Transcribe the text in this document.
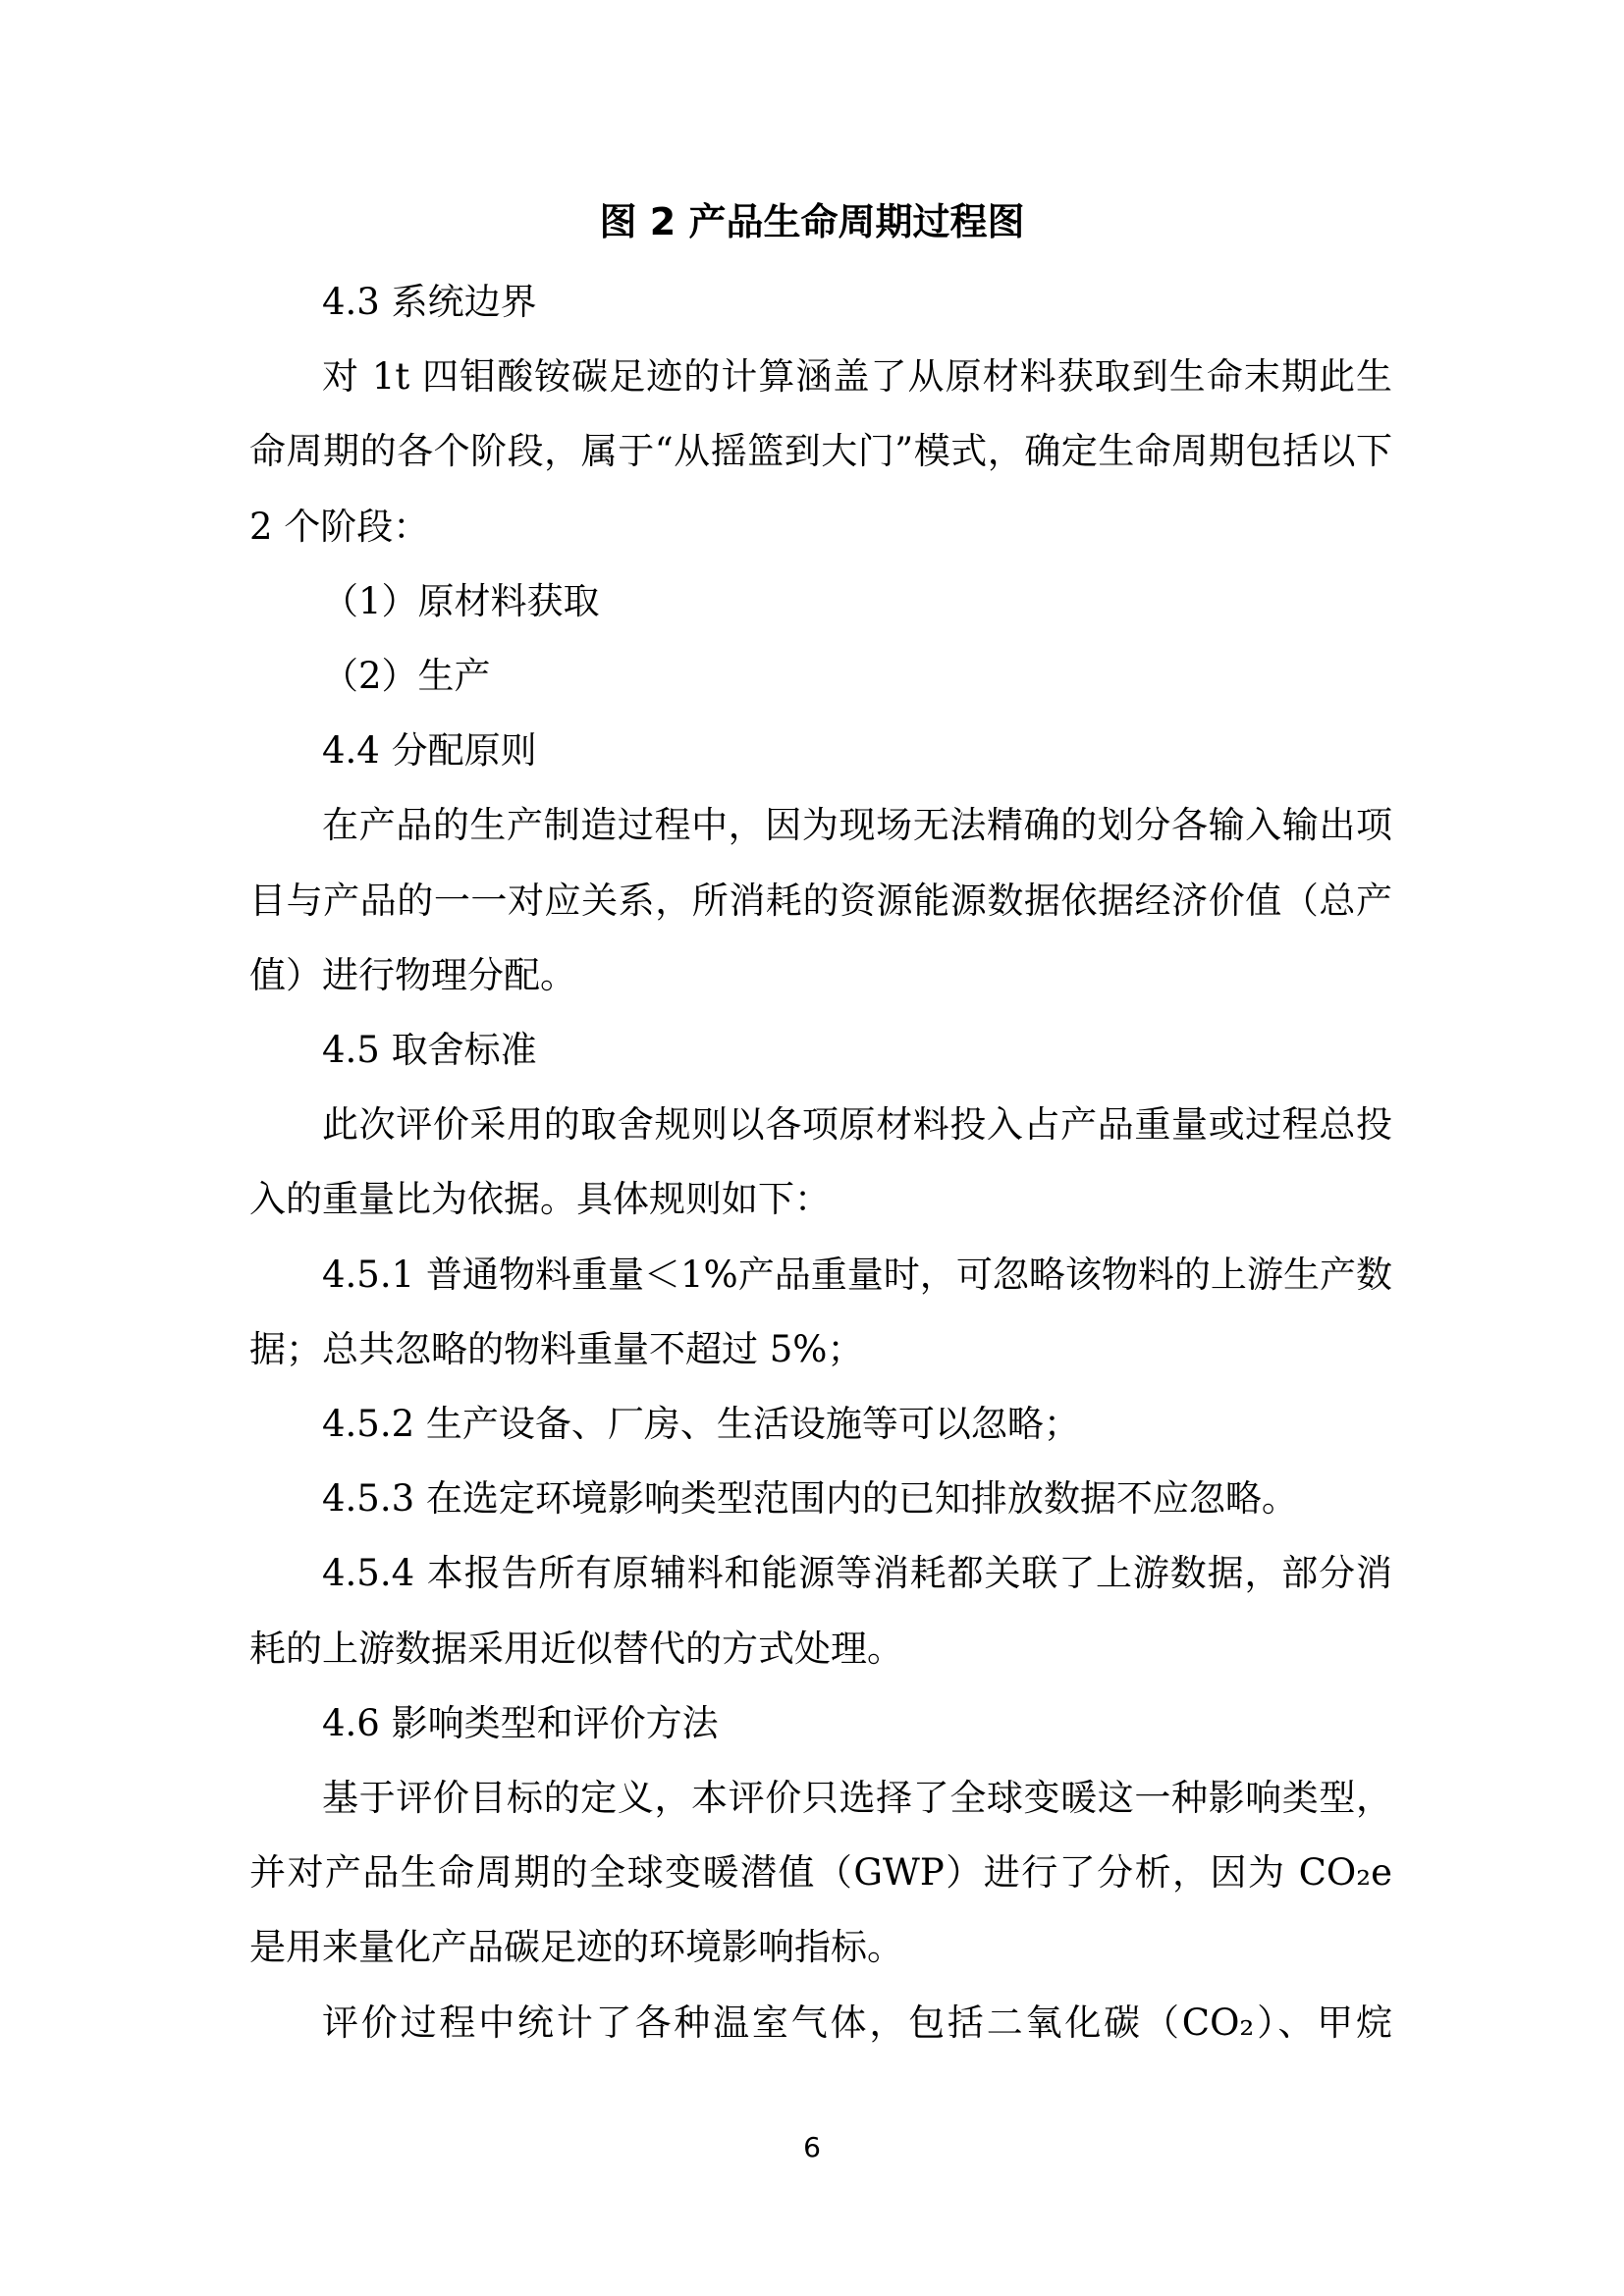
图 2 产品生命周期过程图

4.3 系统边界

对 1t 四钼酸铵碳足迹的计算涵盖了从原材料获取到生命末期此生命周期的各个阶段，属于“从摇篮到大门”模式，确定生命周期包括以下 2 个阶段：

（1）原材料获取

（2）生产

4.4 分配原则

在产品的生产制造过程中，因为现场无法精确的划分各输入输出项目与产品的一一对应关系，所消耗的资源能源数据依据经济价值（总产值）进行物理分配。

4.5 取舍标准

此次评价采用的取舍规则以各项原材料投入占产品重量或过程总投入的重量比为依据。具体规则如下：

4.5.1 普通物料重量＜1%产品重量时，可忽略该物料的上游生产数据；总共忽略的物料重量不超过 5%；

4.5.2 生产设备、厂房、生活设施等可以忽略；

4.5.3 在选定环境影响类型范围内的已知排放数据不应忽略。

4.5.4 本报告所有原辅料和能源等消耗都关联了上游数据，部分消耗的上游数据采用近似替代的方式处理。

4.6 影响类型和评价方法

基于评价目标的定义，本评价只选择了全球变暖这一种影响类型，并对产品生命周期的全球变暖潜值（GWP）进行了分析，因为 CO₂e 是用来量化产品碳足迹的环境影响指标。

评价过程中统计了各种温室气体，包括二氧化碳（CO₂）、甲烷

6
